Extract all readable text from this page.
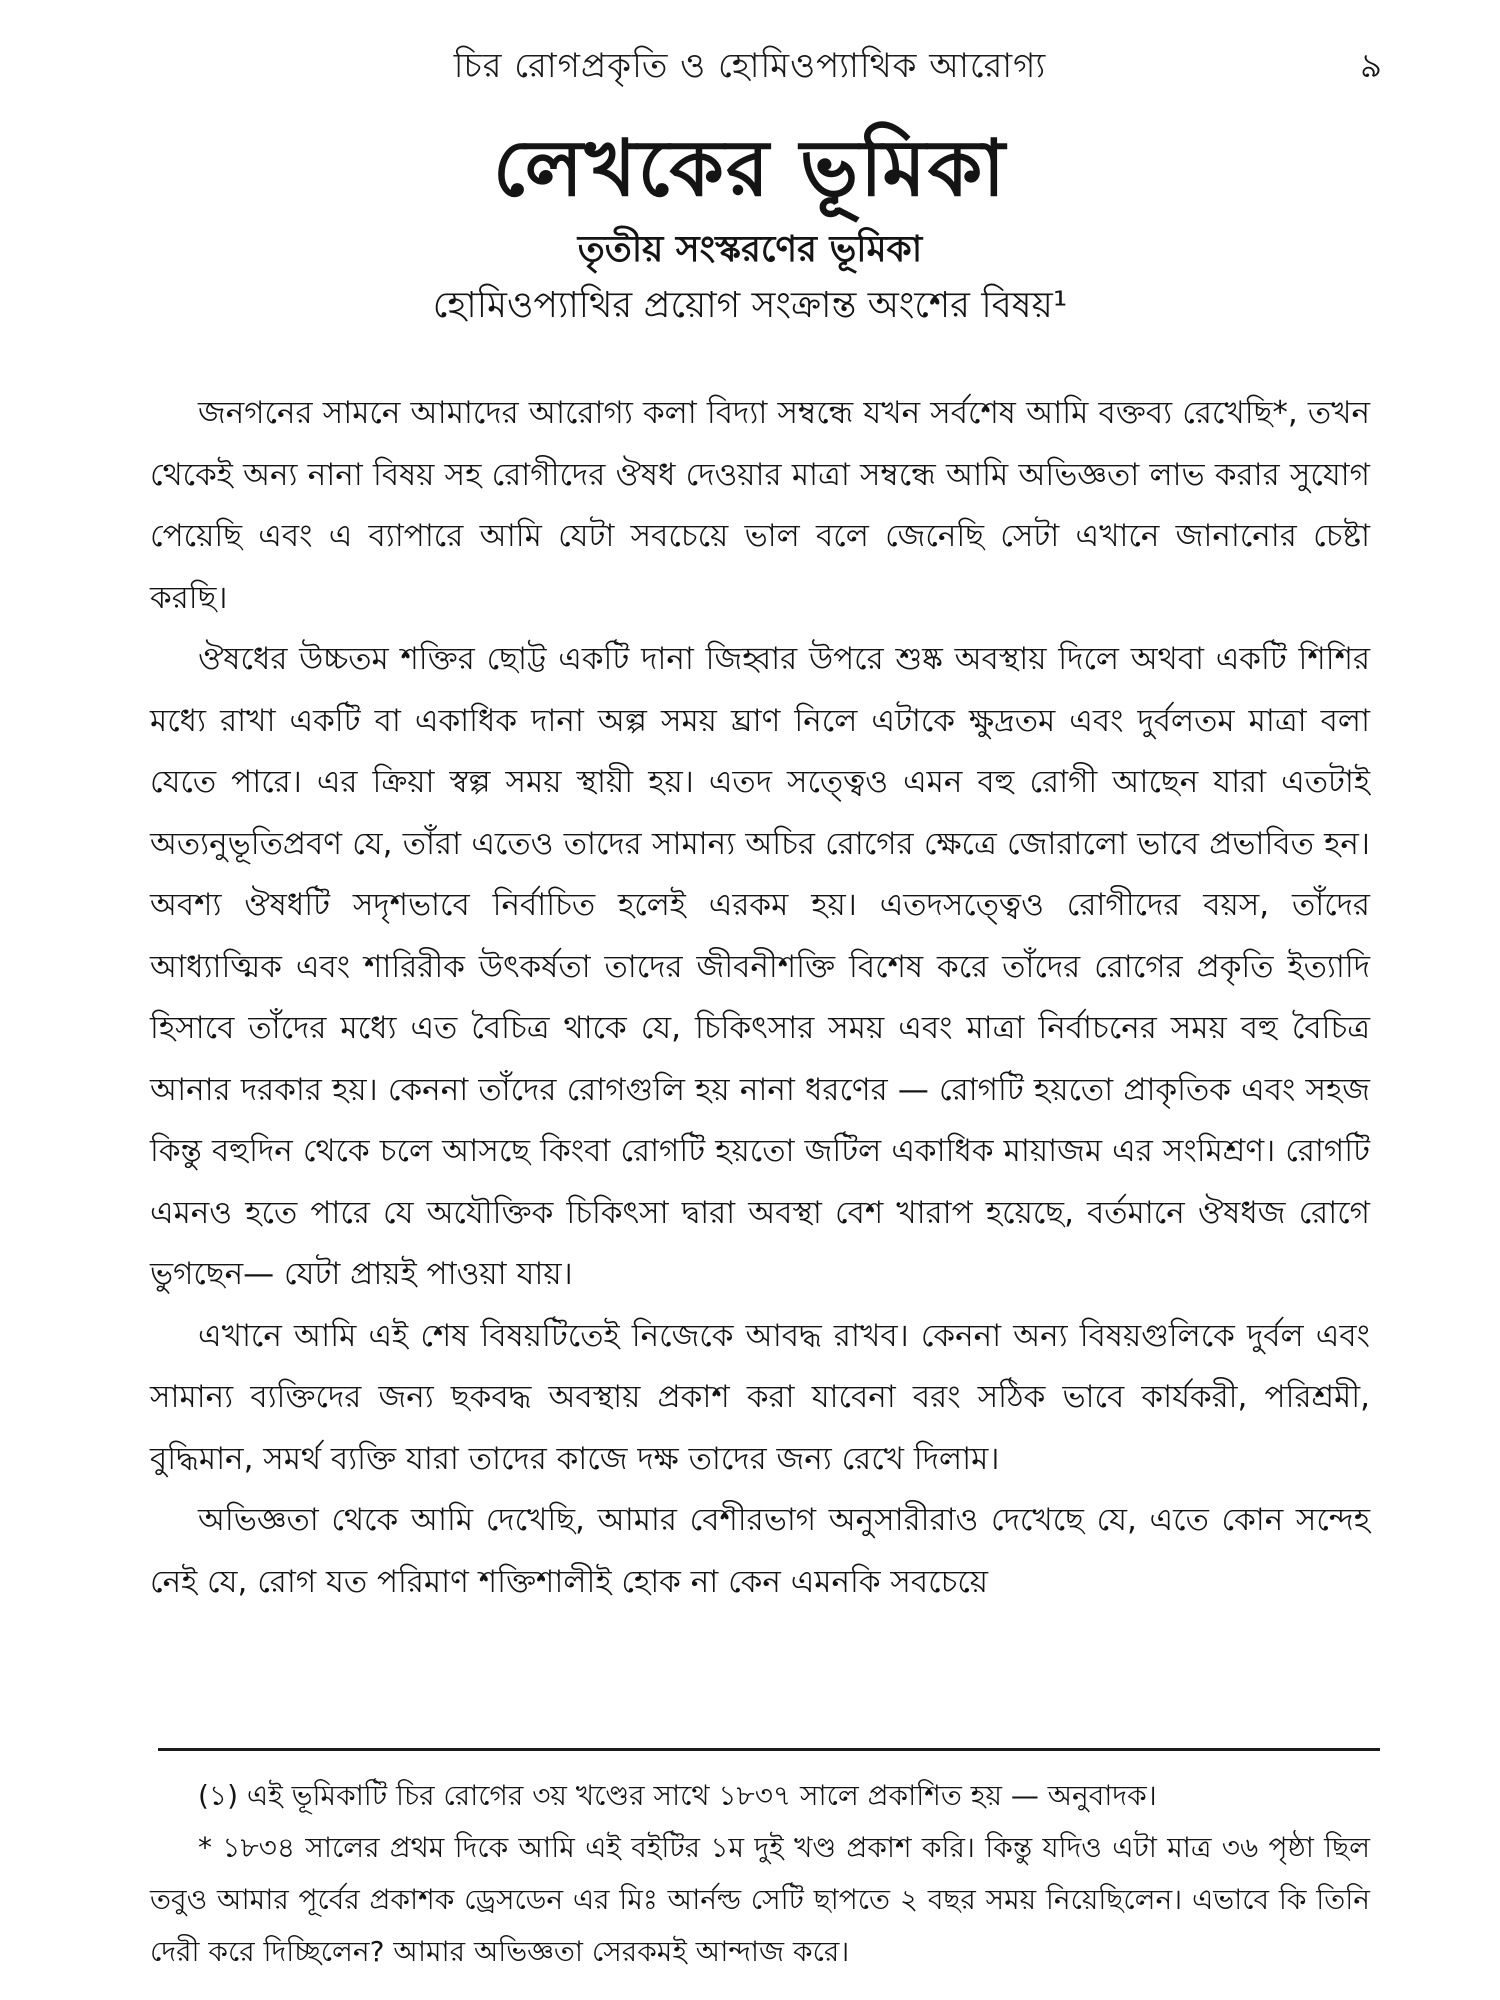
চির রোগপ্রকৃতি ও হোমিওপ্যাথিক আরোগ্য	৯
লেখকের ভূমিকা
তৃতীয় সংস্করণের ভূমিকা
হোমিওপ্যাথির প্রয়োগ সংক্রান্ত অংশের বিষয়¹

জনগনের সামনে আমাদের আরোগ্য কলা বিদ্যা সম্বন্ধে যখন সর্বশেষ আমি বক্তব্য রেখেছি*, তখন থেকেই অন্য নানা বিষয় সহ রোগীদের ঔষধ দেওয়ার মাত্রা সম্বন্ধে আমি অভিজ্ঞতা লাভ করার সুযোগ পেয়েছি এবং এ ব্যাপারে আমি যেটা সবচেয়ে ভাল বলে জেনেছি সেটা এখানে জানানোর চেষ্টা করছি।

ঔষধের উচ্চতম শক্তির ছোট্ট একটি দানা জিহ্বার উপরে শুষ্ক অবস্থায় দিলে অথবা একটি শিশির মধ্যে রাখা একটি বা একাধিক দানা অল্প সময় ঘ্রাণ নিলে এটাকে ক্ষুদ্রতম এবং দুর্বলতম মাত্রা বলা যেতে পারে। এর ক্রিয়া স্বল্প সময় স্থায়ী হয়। এতদ সত্ত্বেও এমন বহু রোগী আছেন যারা এতটাই অত্যনুভূতিপ্রবণ যে, তাঁরা এতেও তাদের সামান্য অচির রোগের ক্ষেত্রে জোরালো ভাবে প্রভাবিত হন। অবশ্য ঔষধটি সদৃশভাবে নির্বাচিত হলেই এরকম হয়। এতদসত্ত্বেও রোগীদের বয়স, তাঁদের আধ্যাত্মিক এবং শারিরীক উৎকর্ষতা তাদের জীবনীশক্তি বিশেষ করে তাঁদের রোগের প্রকৃতি ইত্যাদি হিসাবে তাঁদের মধ্যে এত বৈচিত্র থাকে যে, চিকিৎসার সময় এবং মাত্রা নির্বাচনের সময় বহু বৈচিত্র আনার দরকার হয়। কেননা তাঁদের রোগগুলি হয় নানা ধরণের — রোগটি হয়তো প্রাকৃতিক এবং সহজ কিন্তু বহুদিন থেকে চলে আসছে কিংবা রোগটি হয়তো জটিল একাধিক মায়াজম এর সংমিশ্রণ। রোগটি এমনও হতে পারে যে অযৌক্তিক চিকিৎসা দ্বারা অবস্থা বেশ খারাপ হয়েছে, বর্তমানে ঔষধজ রোগে ভুগছেন— যেটা প্রায়ই পাওয়া যায়।

এখানে আমি এই শেষ বিষয়টিতেই নিজেকে আবদ্ধ রাখব। কেননা অন্য বিষয়গুলিকে দুর্বল এবং সামান্য ব্যক্তিদের জন্য ছকবদ্ধ অবস্থায় প্রকাশ করা যাবেনা বরং সঠিক ভাবে কার্যকরী, পরিশ্রমী, বুদ্ধিমান, সমর্থ ব্যক্তি যারা তাদের কাজে দক্ষ তাদের জন্য রেখে দিলাম।

অভিজ্ঞতা থেকে আমি দেখেছি, আমার বেশীরভাগ অনুসারীরাও দেখেছে যে, এতে কোন সন্দেহ নেই যে, রোগ যত পরিমাণ শক্তিশালীই হোক না কেন এমনকি সবচেয়ে

(১) এই ভূমিকাটি চির রোগের ৩য় খণ্ডের সাথে ১৮৩৭ সালে প্রকাশিত হয় — অনুবাদক।

* ১৮৩৪ সালের প্রথম দিকে আমি এই বইটির ১ম দুই খণ্ড প্রকাশ করি। কিন্তু যদিও এটা মাত্র ৩৬ পৃষ্ঠা ছিল তবুও আমার পূর্বের প্রকাশক ড্রেসডেন এর মিঃ আর্নল্ড সেটি ছাপতে ২ বছর সময় নিয়েছিলেন। এভাবে কি তিনি দেরী করে দিচ্ছিলেন? আমার অভিজ্ঞতা সেরকমই আন্দাজ করে।
